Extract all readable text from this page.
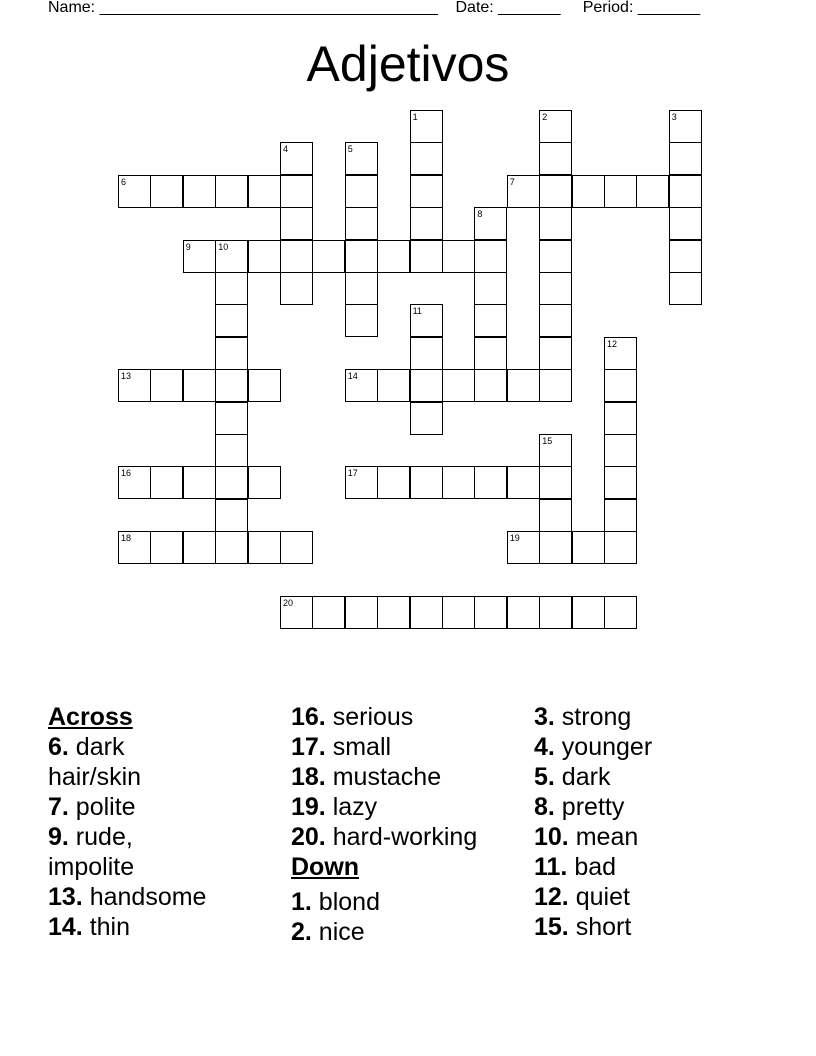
Name: ______________________________________    Date: _______     Period: _______
Adjetivos
1	2	3
4	5
6	7
8
9	10
11
12
13	14
15
16	17
18	19
20
Across
6. dark
hair/skin
7. polite
9. rude,
impolite
13. handsome
14. thin
16. serious
17. small
18. mustache
19. lazy
20. hard-working
Down
1. blond
2. nice
3. strong
4. younger
5. dark
8. pretty
10. mean
11. bad
12. quiet
15. short
